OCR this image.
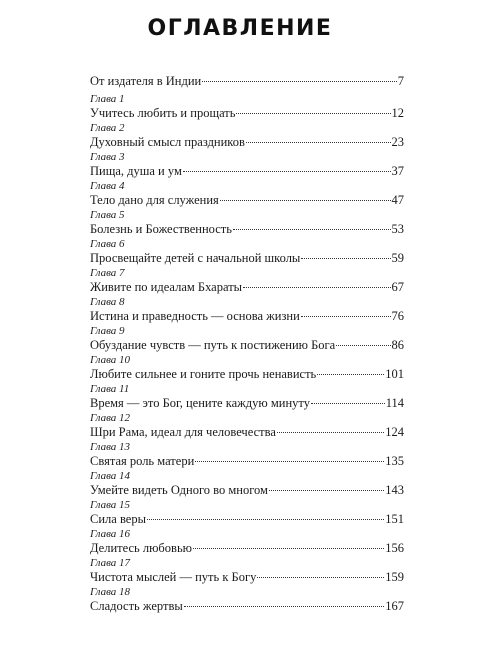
ОГЛАВЛЕНИЕ
От издателя в Индии	7
Глава 1
Учитесь любить и прощать	12
Глава 2
Духовный смысл праздников	23
Глава 3
Пища, душа и ум	37
Глава 4
Тело дано для служения	47
Глава 5
Болезнь и Божественность	53
Глава 6
Просвещайте детей с начальной школы	59
Глава 7
Живите по идеалам Бхараты	67
Глава 8
Истина и праведность — основа жизни	76
Глава 9
Обуздание чувств — путь к постижению Бога	86
Глава 10
Любите сильнее и гоните прочь ненависть	101
Глава 11
Время — это Бог, цените каждую минуту	114
Глава 12
Шри Рама, идеал для человечества	124
Глава 13
Святая роль матери	135
Глава 14
Умейте видеть Одного во многом	143
Глава 15
Сила веры	151
Глава 16
Делитесь любовью	156
Глава 17
Чистота мыслей — путь к Богу	159
Глава 18
Сладость жертвы	167
